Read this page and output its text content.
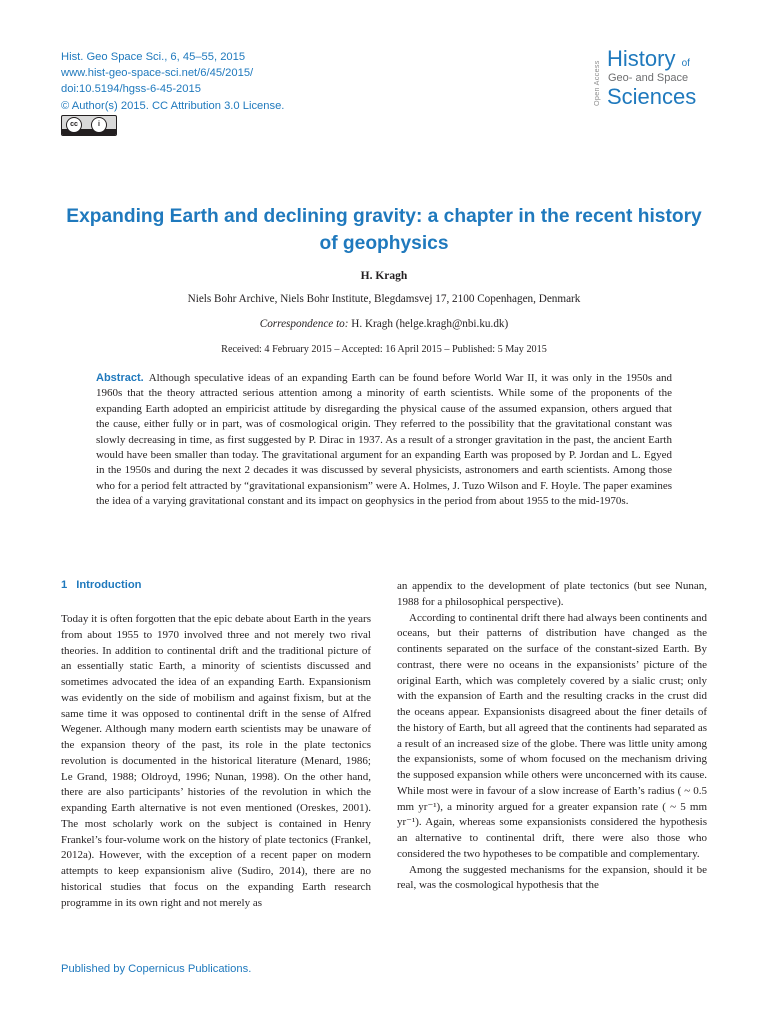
Hist. Geo Space Sci., 6, 45–55, 2015
www.hist-geo-space-sci.net/6/45/2015/
doi:10.5194/hgss-6-45-2015
© Author(s) 2015. CC Attribution 3.0 License.
cc	i
Open Access
History of
Geo- and Space
Sciences
Expanding Earth and declining gravity: a chapter in the recent history of geophysics
H. Kragh
Niels Bohr Archive, Niels Bohr Institute, Blegdamsvej 17, 2100 Copenhagen, Denmark
Correspondence to: H. Kragh (helge.kragh@nbi.ku.dk)
Received: 4 February 2015 – Accepted: 16 April 2015 – Published: 5 May 2015
Abstract. Although speculative ideas of an expanding Earth can be found before World War II, it was only in the 1950s and 1960s that the theory attracted serious attention among a minority of earth scientists. While some of the proponents of the expanding Earth adopted an empiricist attitude by disregarding the physical cause of the assumed expansion, others argued that the cause, either fully or in part, was of cosmological origin. They referred to the possibility that the gravitational constant was slowly decreasing in time, as first suggested by P. Dirac in 1937. As a result of a stronger gravitation in the past, the ancient Earth would have been smaller than today. The gravitational argument for an expanding Earth was proposed by P. Jordan and L. Egyed in the 1950s and during the next 2 decades it was discussed by several physicists, astronomers and earth scientists. Among those who for a period felt attracted by “gravitational expansionism” were A. Holmes, J. Tuzo Wilson and F. Hoyle. The paper examines the idea of a varying gravitational constant and its impact on geophysics in the period from about 1955 to the mid-1970s.
1 Introduction

Today it is often forgotten that the epic debate about Earth in the years from about 1955 to 1970 involved three and not merely two rival theories. In addition to continental drift and the traditional picture of an essentially static Earth, a minority of scientists discussed and sometimes advocated the idea of an expanding Earth. Expansionism was evidently on the side of mobilism and against fixism, but at the same time it was opposed to continental drift in the sense of Alfred Wegener. Although many modern earth scientists may be unaware of the expansion theory of the past, its role in the plate tectonics revolution is documented in the historical literature (Menard, 1986; Le Grand, 1988; Oldroyd, 1996; Nunan, 1998). On the other hand, there are also participants’ histories of the revolution in which the expanding Earth alternative is not even mentioned (Oreskes, 2001). The most scholarly work on the subject is contained in Henry Frankel’s four-volume work on the history of plate tectonics (Frankel, 2012a). However, with the exception of a recent paper on modern attempts to keep expansionism alive (Sudiro, 2014), there are no historical studies that focus on the expanding Earth research programme in its own right and not merely as

an appendix to the development of plate tectonics (but see Nunan, 1988 for a philosophical perspective).

According to continental drift there had always been continents and oceans, but their patterns of distribution have changed as the continents separated on the surface of the constant-sized Earth. By contrast, there were no oceans in the expansionists’ picture of the original Earth, which was completely covered by a sialic crust; only with the expansion of Earth and the resulting cracks in the crust did the oceans appear. Expansionists disagreed about the finer details of the history of Earth, but all agreed that the continents had separated as a result of an increased size of the globe. There was little unity among the expansionists, some of whom focused on the mechanism driving the supposed expansion while others were unconcerned with its cause. While most were in favour of a slow increase of Earth’s radius ( ~ 0.5 mm yr⁻¹), a minority argued for a greater expansion rate ( ~ 5 mm yr⁻¹). Again, whereas some expansionists considered the hypothesis an alternative to continental drift, there were also those who considered the two hypotheses to be compatible and complementary.

Among the suggested mechanisms for the expansion, should it be real, was the cosmological hypothesis that the

Published by Copernicus Publications.
